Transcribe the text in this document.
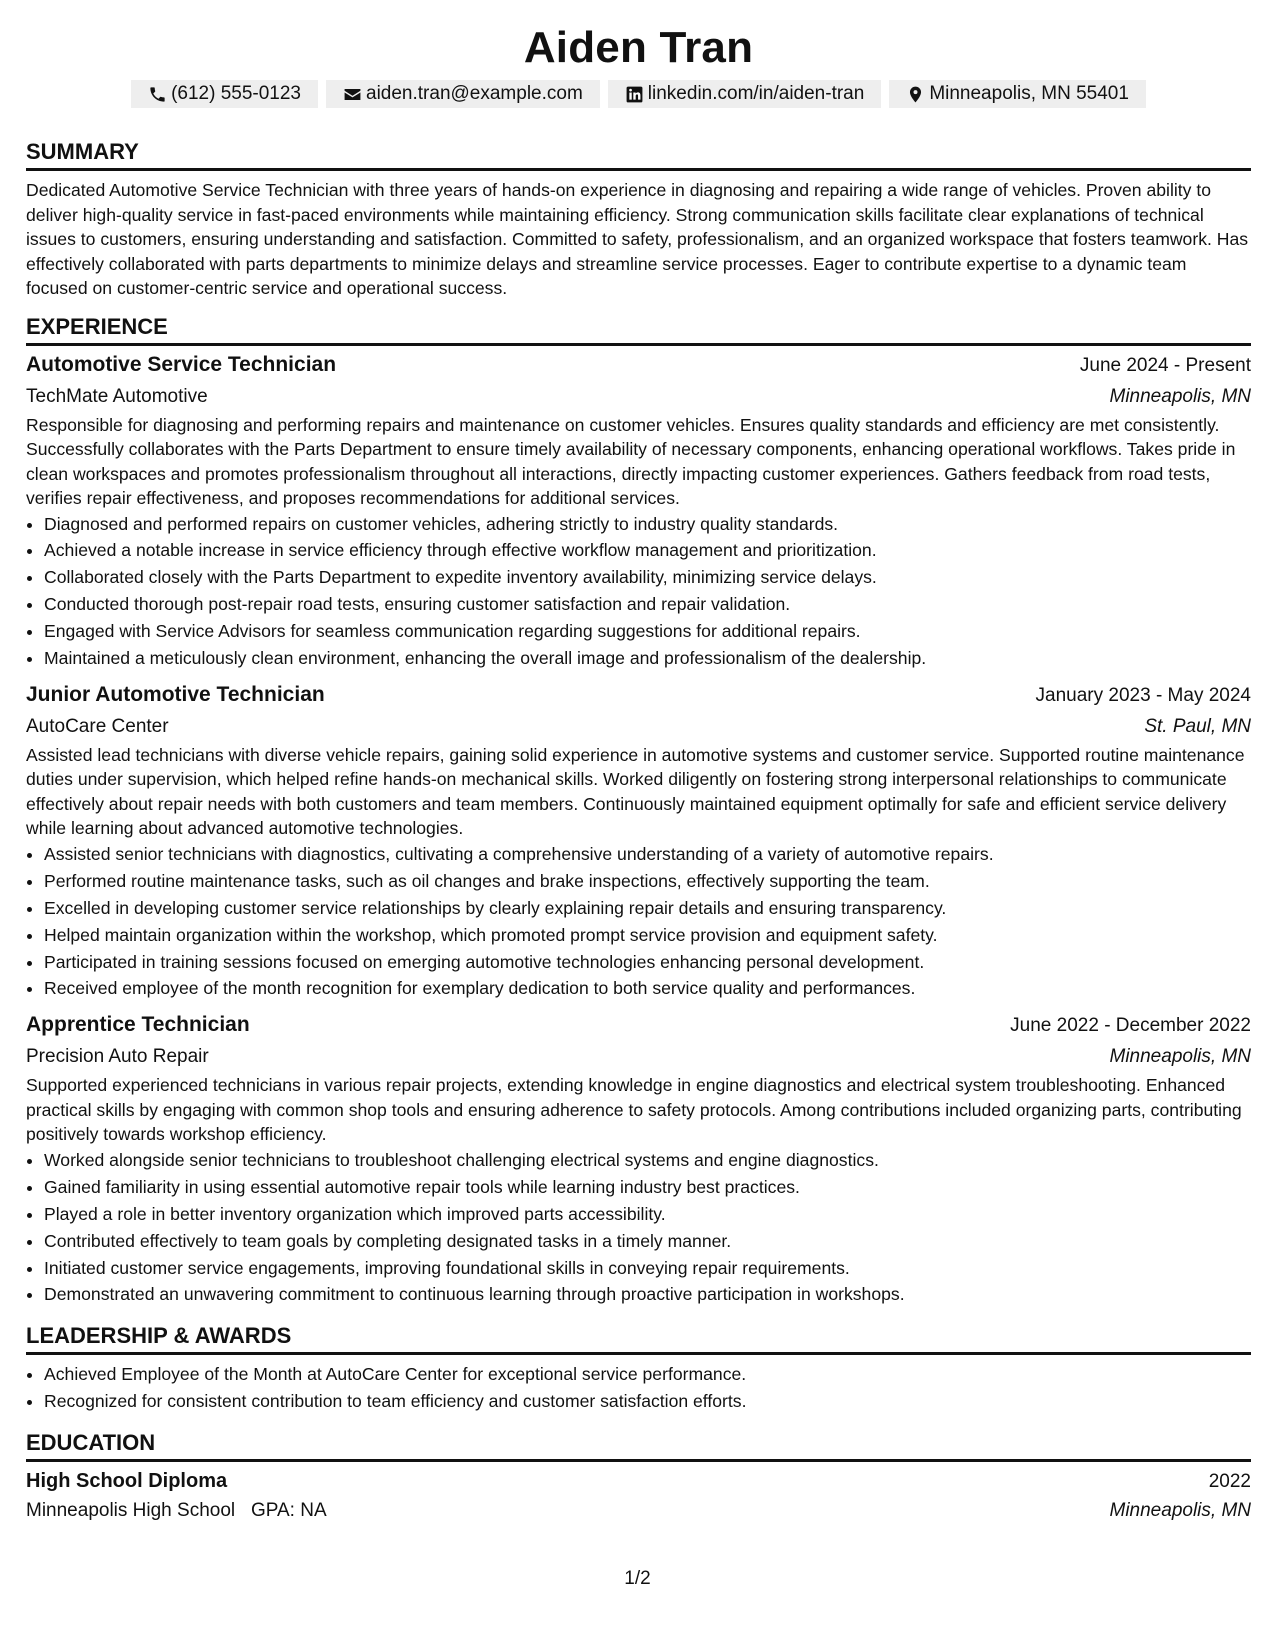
Aiden Tran
(612) 555-0123	aiden.tran@example.com	linkedin.com/in/aiden-tran	Minneapolis, MN 55401
SUMMARY

Dedicated Automotive Service Technician with three years of hands-on experience in diagnosing and repairing a wide range of vehicles. Proven ability to deliver high-quality service in fast-paced environments while maintaining efficiency. Strong communication skills facilitate clear explanations of technical issues to customers, ensuring understanding and satisfaction. Committed to safety, professionalism, and an organized workspace that fosters teamwork. Has effectively collaborated with parts departments to minimize delays and streamline service processes. Eager to contribute expertise to a dynamic team focused on customer-centric service and operational success.

EXPERIENCE
Automotive Service Technician	June 2024 - Present
TechMate Automotive	Minneapolis, MN

Responsible for diagnosing and performing repairs and maintenance on customer vehicles. Ensures quality standards and efficiency are met consistently. Successfully collaborates with the Parts Department to ensure timely availability of necessary components, enhancing operational workflows. Takes pride in clean workspaces and promotes professionalism throughout all interactions, directly impacting customer experiences. Gathers feedback from road tests, verifies repair effectiveness, and proposes recommendations for additional services.

• Diagnosed and performed repairs on customer vehicles, adhering strictly to industry quality standards.
• Achieved a notable increase in service efficiency through effective workflow management and prioritization.
• Collaborated closely with the Parts Department to expedite inventory availability, minimizing service delays.
• Conducted thorough post-repair road tests, ensuring customer satisfaction and repair validation.
• Engaged with Service Advisors for seamless communication regarding suggestions for additional repairs.
• Maintained a meticulously clean environment, enhancing the overall image and professionalism of the dealership.
Junior Automotive Technician	January 2023 - May 2024
AutoCare Center	St. Paul, MN

Assisted lead technicians with diverse vehicle repairs, gaining solid experience in automotive systems and customer service. Supported routine maintenance duties under supervision, which helped refine hands-on mechanical skills. Worked diligently on fostering strong interpersonal relationships to communicate effectively about repair needs with both customers and team members. Continuously maintained equipment optimally for safe and efficient service delivery while learning about advanced automotive technologies.

• Assisted senior technicians with diagnostics, cultivating a comprehensive understanding of a variety of automotive repairs.
• Performed routine maintenance tasks, such as oil changes and brake inspections, effectively supporting the team.
• Excelled in developing customer service relationships by clearly explaining repair details and ensuring transparency.
• Helped maintain organization within the workshop, which promoted prompt service provision and equipment safety.
• Participated in training sessions focused on emerging automotive technologies enhancing personal development.
• Received employee of the month recognition for exemplary dedication to both service quality and performances.
Apprentice Technician	June 2022 - December 2022
Precision Auto Repair	Minneapolis, MN

Supported experienced technicians in various repair projects, extending knowledge in engine diagnostics and electrical system troubleshooting. Enhanced practical skills by engaging with common shop tools and ensuring adherence to safety protocols. Among contributions included organizing parts, contributing positively towards workshop efficiency.

• Worked alongside senior technicians to troubleshoot challenging electrical systems and engine diagnostics.
• Gained familiarity in using essential automotive repair tools while learning industry best practices.
• Played a role in better inventory organization which improved parts accessibility.
• Contributed effectively to team goals by completing designated tasks in a timely manner.
• Initiated customer service engagements, improving foundational skills in conveying repair requirements.
• Demonstrated an unwavering commitment to continuous learning through proactive participation in workshops.
LEADERSHIP & AWARDS
• Achieved Employee of the Month at AutoCare Center for exceptional service performance.
• Recognized for consistent contribution to team efficiency and customer satisfaction efforts.
EDUCATION
High School Diploma	2022
Minneapolis High School GPA: NA	Minneapolis, MN
1/2
